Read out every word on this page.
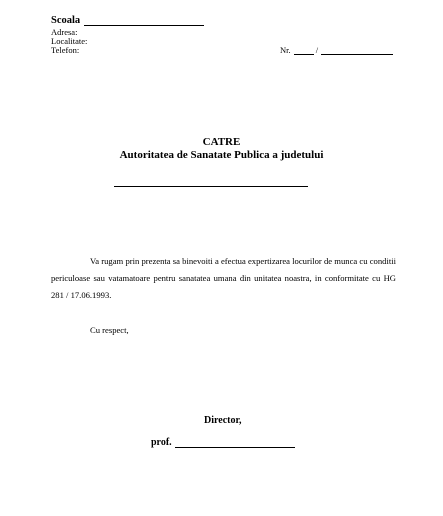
Scoala
Adresa:
Localitate:
Telefon:	Nr.	/
CATRE
Autoritatea de Sanatate Publica a judetului
Va rugam prin prezenta sa binevoiti a efectua expertizarea locurilor de munca cu conditii periculoase sau vatamatoare pentru sanatatea umana din unitatea noastra, in conformitate cu HG 281 / 17.06.1993.
Cu respect,
Director,
prof.
